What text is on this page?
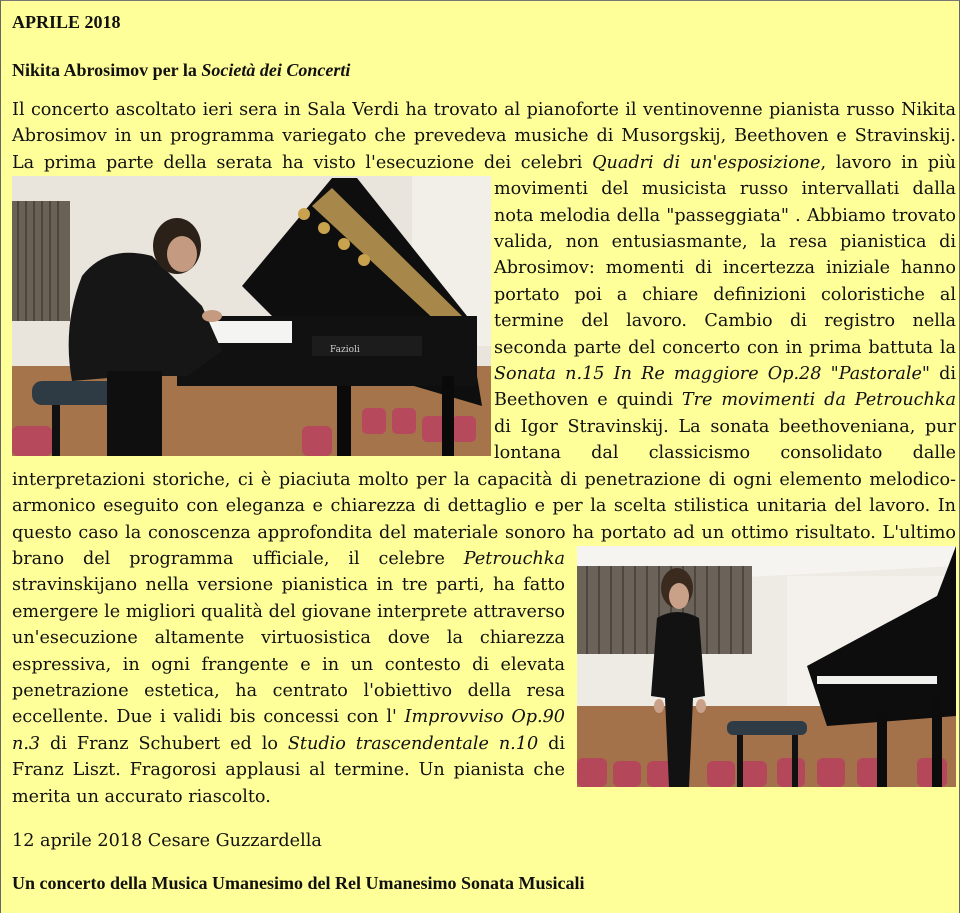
APRILE 2018
Nikita Abrosimov per la Società dei Concerti

Il concerto ascoltato ieri sera in Sala Verdi ha trovato al pianoforte il ventinovenne pianista russo Nikita Abrosimov in un programma variegato che prevedeva musiche di Musorgskij, Beethoven e Stravinskij. La prima parte della serata ha visto l'esecuzione dei celebri
Fazioli
Quadri di un'esposizione, lavoro in più movimenti del musicista russo intervallati dalla nota melodia della "passeggiata" . Abbiamo trovato valida, non entusiasmante, la resa pianistica di Abrosimov: momenti di incertezza iniziale hanno portato poi a chiare definizioni coloristiche al termine del lavoro. Cambio di registro nella seconda parte del concerto con in prima battuta la Sonata n.15 In Re maggiore Op.28 "Pastorale" di Beethoven e quindi Tre movimenti da Petrouchka di Igor Stravinskij. La sonata beethoveniana, pur lontana dal classicismo consolidato dalle interpretazioni storiche, ci è piaciuta molto per la capacità di penetrazione di ogni elemento melodico-armonico eseguito con eleganza e chiarezza di dettaglio e per la scelta stilistica unitaria del lavoro. In questo caso la conoscenza approfondita del materiale sonoro ha portato ad un ottimo risultato. L'ultimo brano del programma ufficiale, il celebre
Petrouchka stravinskijano nella versione pianistica in tre parti, ha fatto emergere le migliori qualità del giovane interprete attraverso un'esecuzione altamente virtuosistica dove la chiarezza espressiva, in ogni frangente e in un contesto di elevata penetrazione estetica, ha centrato l'obiettivo della resa eccellente. Due i validi bis concessi con l' Improvviso Op.90 n.3 di Franz Schubert ed lo Studio trascendentale n.10 di Franz Liszt. Fragorosi applausi al termine. Un pianista che merita un accurato riascolto.

12 aprile 2018 Cesare Guzzardella

Un concerto della Musica Umanesimo del Rel Umanesimo Sonata Musicali
